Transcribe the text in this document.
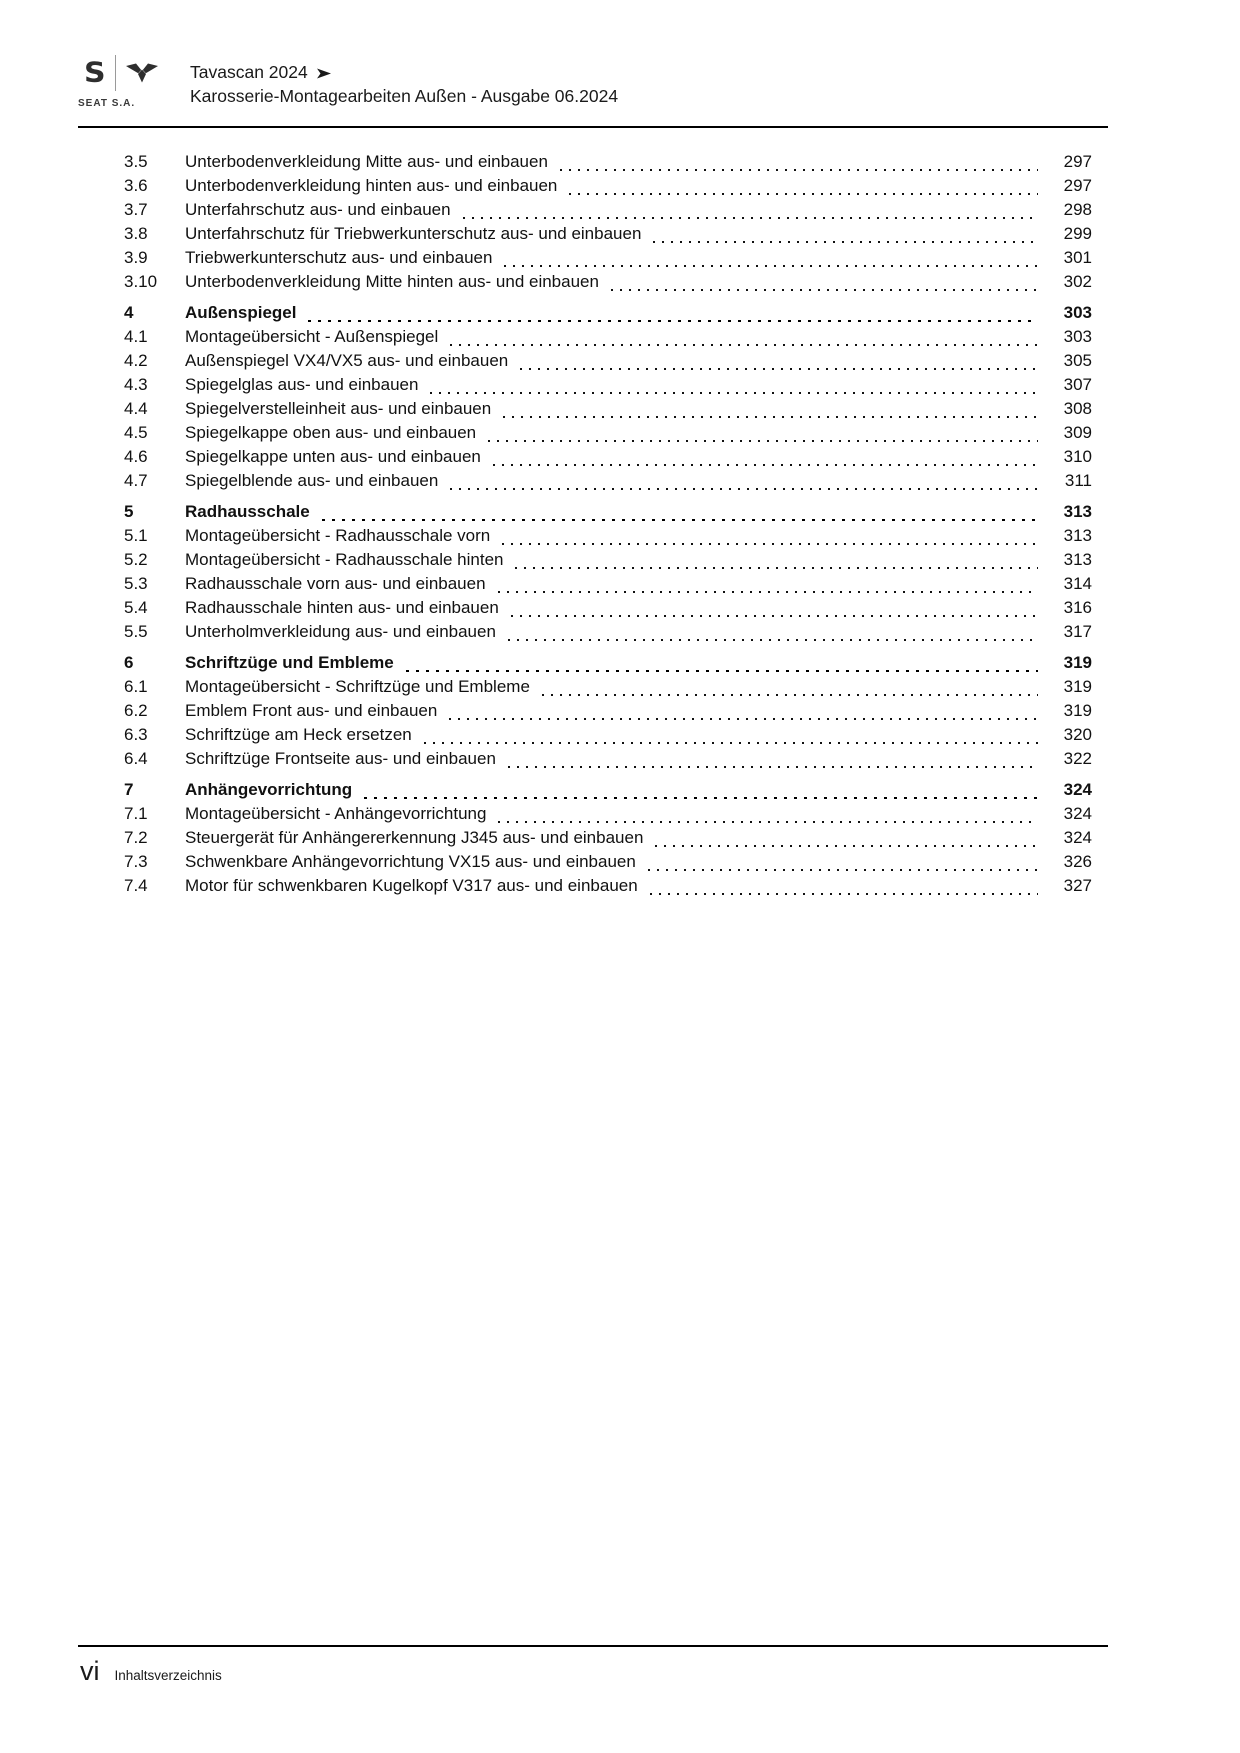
S
SEAT S.A.
Tavascan 2024
Karosserie-Montagearbeiten Außen - Ausgabe 06.2024
3.5	Unterbodenverkleidung Mitte aus- und einbauen	297
3.6	Unterbodenverkleidung hinten aus- und einbauen	297
3.7	Unterfahrschutz aus- und einbauen	298
3.8	Unterfahrschutz für Triebwerkunterschutz aus- und einbauen	299
3.9	Triebwerkunterschutz aus- und einbauen	301
3.10	Unterbodenverkleidung Mitte hinten aus- und einbauen	302
4	Außenspiegel	303
4.1	Montageübersicht - Außenspiegel	303
4.2	Außenspiegel VX4/VX5 aus- und einbauen	305
4.3	Spiegelglas aus- und einbauen	307
4.4	Spiegelverstelleinheit aus- und einbauen	308
4.5	Spiegelkappe oben aus- und einbauen	309
4.6	Spiegelkappe unten aus- und einbauen	310
4.7	Spiegelblende aus- und einbauen	311
5	Radhausschale	313
5.1	Montageübersicht - Radhausschale vorn	313
5.2	Montageübersicht - Radhausschale hinten	313
5.3	Radhausschale vorn aus- und einbauen	314
5.4	Radhausschale hinten aus- und einbauen	316
5.5	Unterholmverkleidung aus- und einbauen	317
6	Schriftzüge und Embleme	319
6.1	Montageübersicht - Schriftzüge und Embleme	319
6.2	Emblem Front aus- und einbauen	319
6.3	Schriftzüge am Heck ersetzen	320
6.4	Schriftzüge Frontseite aus- und einbauen	322
7	Anhängevorrichtung	324
7.1	Montageübersicht - Anhängevorrichtung	324
7.2	Steuergerät für Anhängererkennung J345 aus- und einbauen	324
7.3	Schwenkbare Anhängevorrichtung VX15 aus- und einbauen	326
7.4	Motor für schwenkbaren Kugelkopf V317 aus- und einbauen	327
vi Inhaltsverzeichnis
